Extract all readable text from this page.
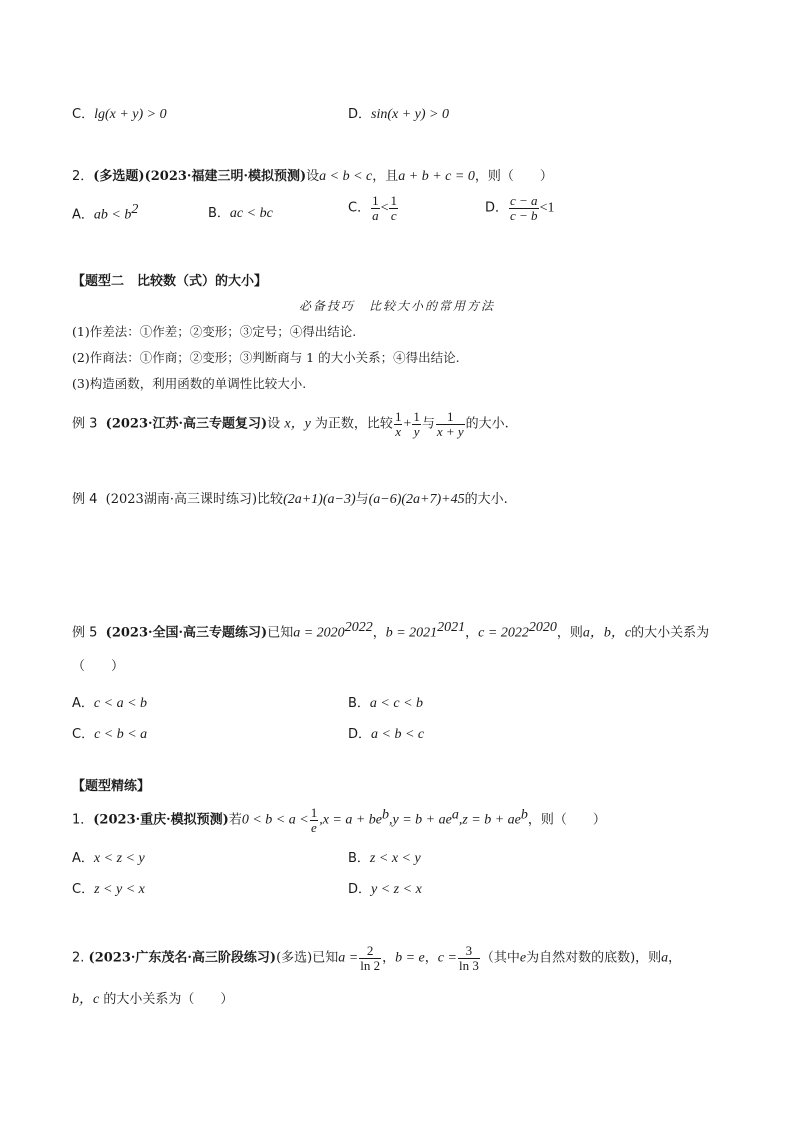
C．lg(x + y) > 0	D．sin(x + y) > 0
2．(多选题)(2023·福建三明·模拟预测)设a < b < c，且a + b + c = 0，则（　　）
A．ab < $b^2$	B．ac < bc	C． $\frac{1}{a} < \frac{1}{c}$	D． $\frac{c - a}{c - b} <1$
【题型二　比较数（式）的大小】
必备技巧　比较大小的常用方法
(1)作差法：①作差；②变形；③定号；④得出结论.
(2)作商法：①作商；②变形；③判断商与 1 的大小关系；④得出结论.
(3)构造函数，利用函数的单调性比较大小.
例 3 (2023·江苏·高三专题复习)设 x，y 为正数，比较 $\frac{1}{x} + \frac{1}{y}$ 与 $\frac{1}{x + y}$ 的大小.
例 4 (2023湖南·高三课时练习)比较(2a+1)(a−3)与(a−6)(2a+7)+45的大小.
例 5 (2023·全国·高三专题练习)已知$a = 2020^{2022}$，$b = 2021^{2021}$，$c = 2022^{2020}$，则a，b，c的大小关系为
（　　）
A．c < a < b	B．a < c < b
C．c < b < a	D．a < b < c
【题型精练】
1．(2023·重庆·模拟预测)若$0 < b < a < \frac{1}{e} ,x = a + be^b,y = b + ae^a,z = b + ae^b$，则（　　）
A．x < z < y	B．z < x < y
C．z < y < x	D．y < z < x
2. (2023·广东茂名·高三阶段练习)(多选)已知$a = \frac{2}{\ln 2}$ ，b = e，$c = \frac{3}{\ln 3}$ （其中e为自然对数的底数)，则a，
b，c 的大小关系为（　　）
